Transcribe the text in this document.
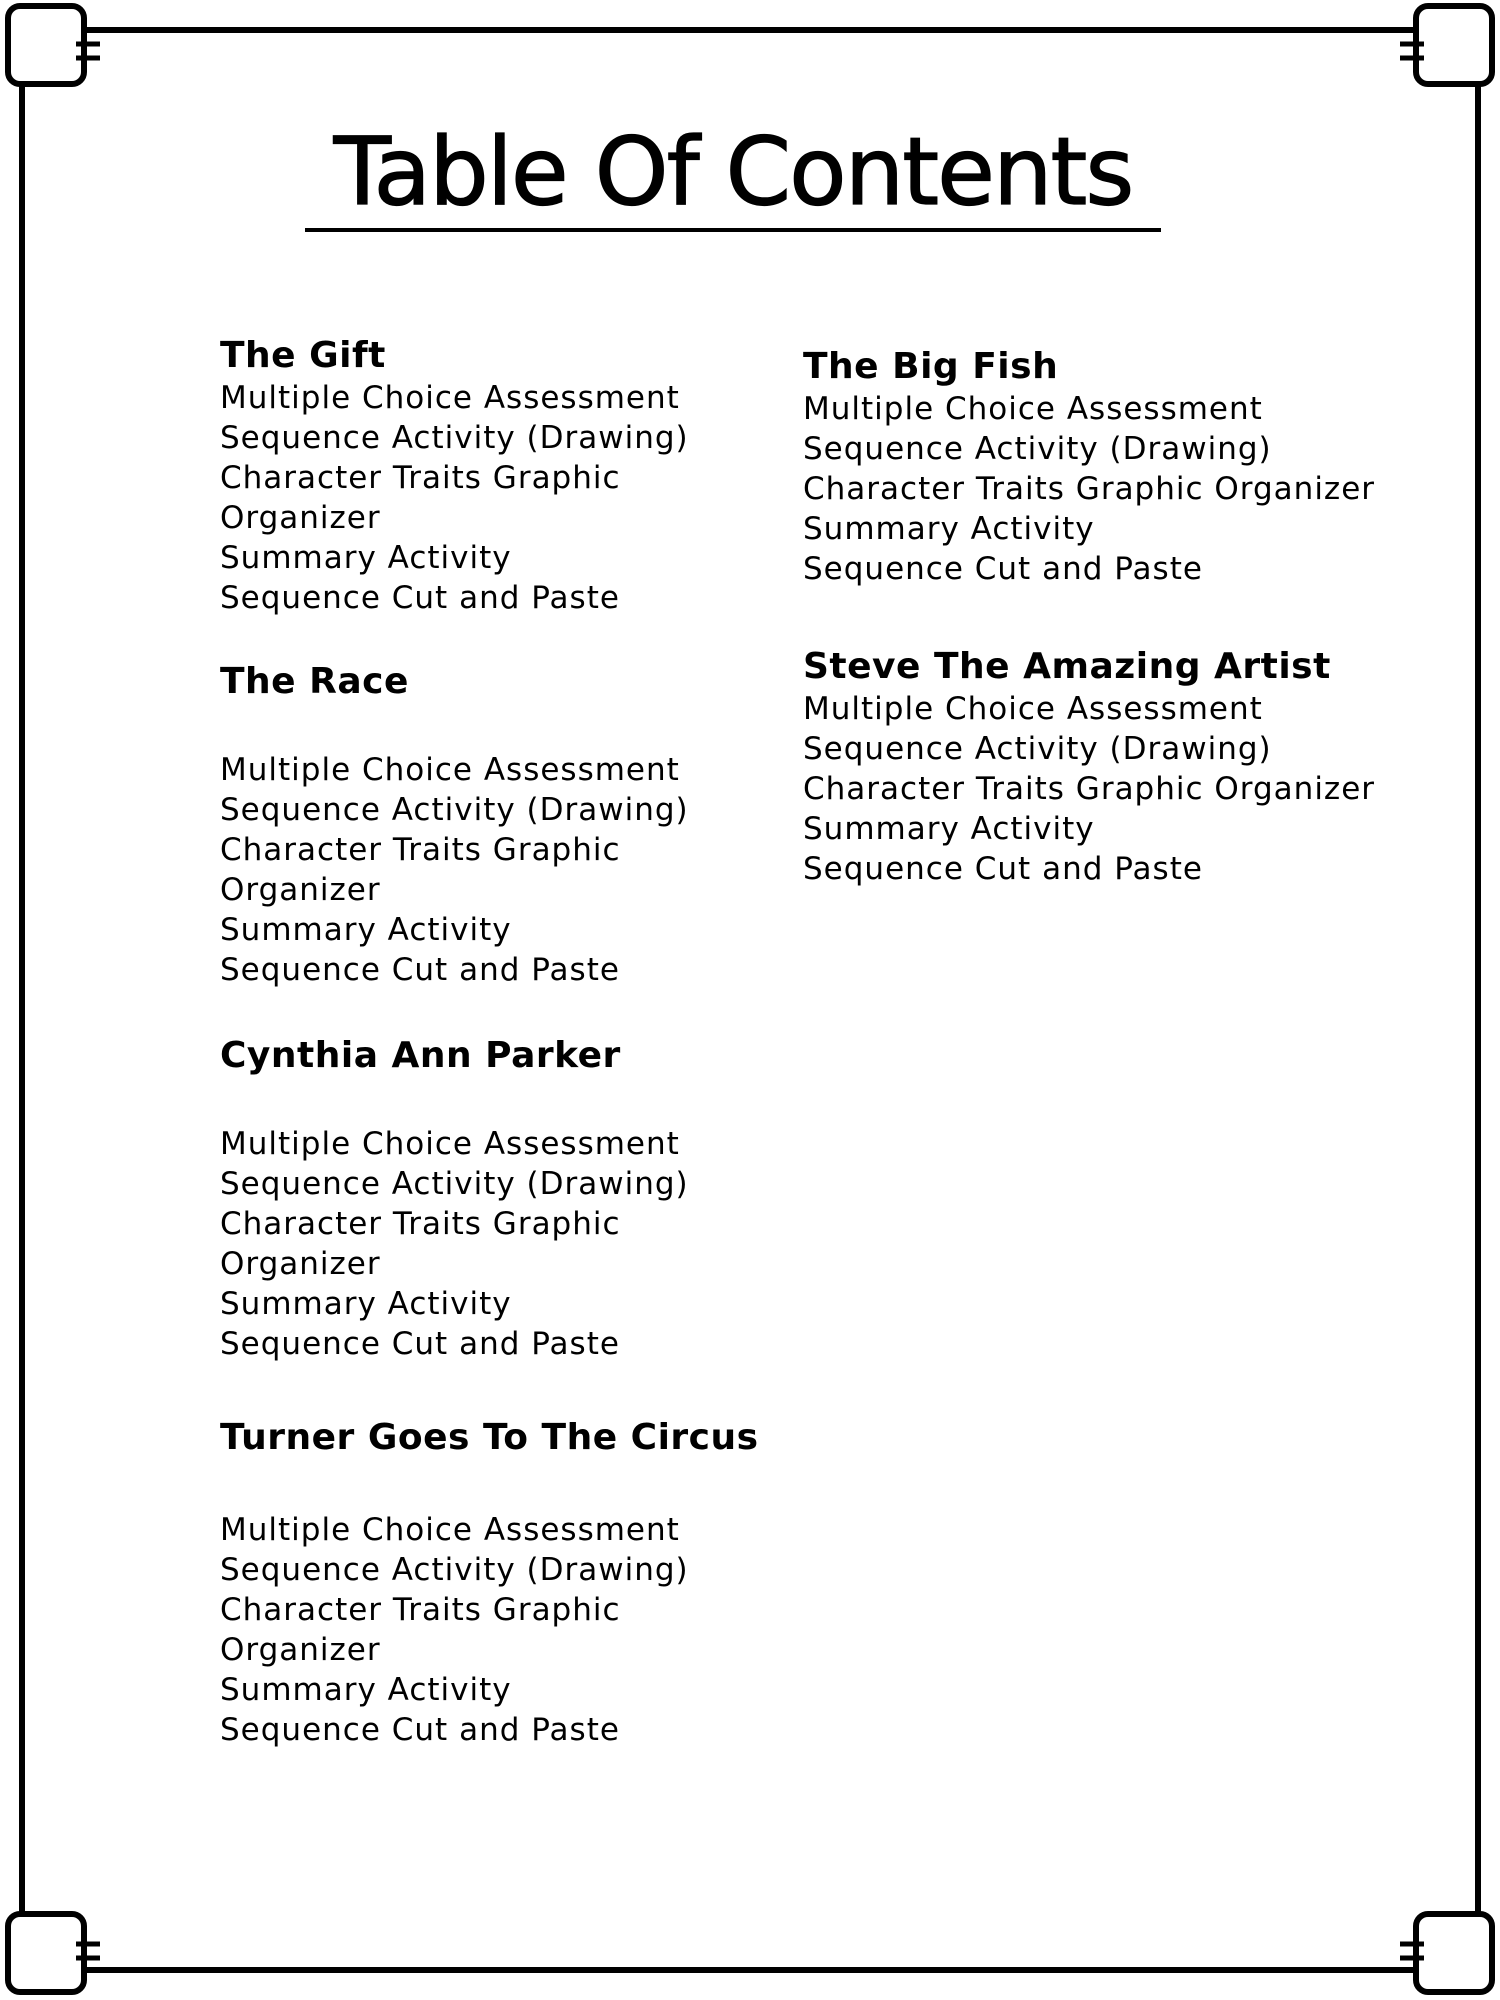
Table Of Contents
The Gift
Multiple Choice Assessment
Sequence Activity (Drawing)
Character Traits Graphic Organizer
Summary Activity
Sequence Cut and Paste
The Race
Multiple Choice Assessment
Sequence Activity (Drawing)
Character Traits Graphic Organizer
Summary Activity
Sequence Cut and Paste
Cynthia Ann Parker
Multiple Choice Assessment
Sequence Activity (Drawing)
Character Traits Graphic Organizer
Summary Activity
Sequence Cut and Paste
Turner Goes To The Circus
Multiple Choice Assessment
Sequence Activity (Drawing)
Character Traits Graphic Organizer
Summary Activity
Sequence Cut and Paste
The Big Fish
Multiple Choice Assessment
Sequence Activity (Drawing)
Character Traits Graphic Organizer
Summary Activity
Sequence Cut and Paste
Steve The Amazing Artist
Multiple Choice Assessment
Sequence Activity (Drawing)
Character Traits Graphic Organizer
Summary Activity
Sequence Cut and Paste
